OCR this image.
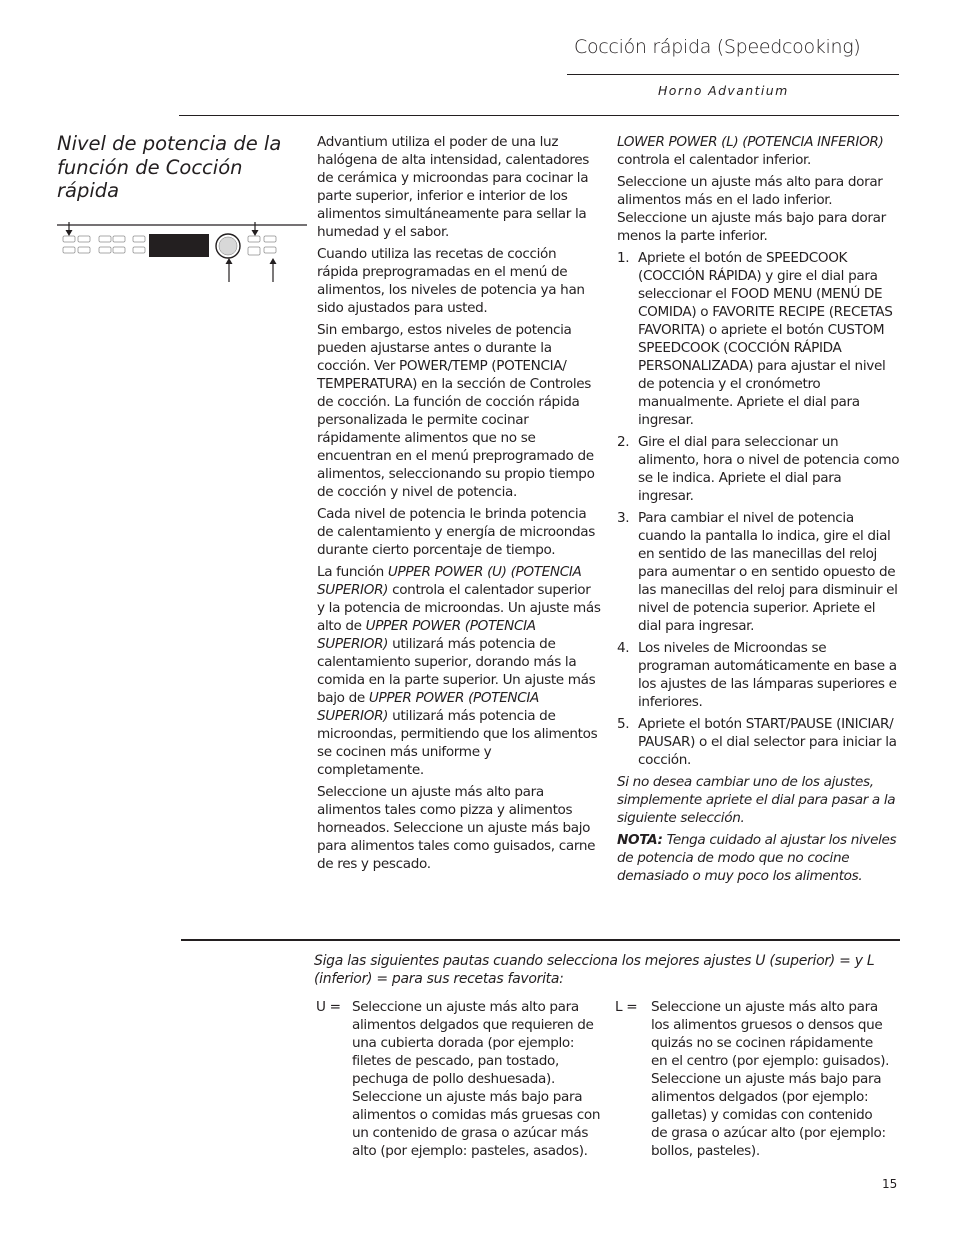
Cocción rápida (Speedcooking)
Horno Advantium
Nivel de potencia de la función de Cocción rápida

Advantium utiliza el poder de una luz halógena de alta intensidad, calentadores de cerámica y microondas para cocinar la parte superior, inferior e interior de los alimentos simultáneamente para sellar la humedad y el sabor.

Cuando utiliza las recetas de cocción rápida preprogramadas en el menú de alimentos, los niveles de potencia ya han sido ajustados para usted.

Sin embargo, estos niveles de potencia pueden ajustarse antes o durante la cocción. Ver POWER/TEMP (POTENCIA/ TEMPERATURA) en la sección de Controles de cocción. La función de cocción rápida personalizada le permite cocinar rápidamente alimentos que no se encuentran en el menú preprogramado de alimentos, seleccionando su propio tiempo de cocción y nivel de potencia.

Cada nivel de potencia le brinda potencia de calentamiento y energía de microondas durante cierto porcentaje de tiempo.

La función UPPER POWER (U) (POTENCIA SUPERIOR) controla el calentador superior y la potencia de microondas. Un ajuste más alto de UPPER POWER (POTENCIA SUPERIOR) utilizará más potencia de calentamiento superior, dorando más la comida en la parte superior. Un ajuste más bajo de UPPER POWER (POTENCIA SUPERIOR) utilizará más potencia de microondas, permitiendo que los alimentos se cocinen más uniforme y completamente.

Seleccione un ajuste más alto para alimentos tales como pizza y alimentos horneados. Seleccione un ajuste más bajo para alimentos tales como guisados, carne de res y pescado.

LOWER POWER (L) (POTENCIA INFERIOR) controla el calentador inferior.

Seleccione un ajuste más alto para dorar alimentos más en el lado inferior. Seleccione un ajuste más bajo para dorar menos la parte inferior.

1. Apriete el botón de SPEEDCOOK (COCCIÓN RÁPIDA) y gire el dial para seleccionar el FOOD MENU (MENÚ DE COMIDA) o FAVORITE RECIPE (RECETAS FAVORITA) o apriete el botón CUSTOM SPEEDCOOK (COCCIÓN RÁPIDA PERSONALIZADA) para ajustar el nivel de potencia y el cronómetro manualmente. Apriete el dial para ingresar.
2. Gire el dial para seleccionar un alimento, hora o nivel de potencia como se le indica. Apriete el dial para ingresar.
3. Para cambiar el nivel de potencia cuando la pantalla lo indica, gire el dial en sentido de las manecillas del reloj para aumentar o en sentido opuesto de las manecillas del reloj para disminuir el nivel de potencia superior. Apriete el dial para ingresar.
4. Los niveles de Microondas se programan automáticamente en base a los ajustes de las lámparas superiores e inferiores.
5. Apriete el botón START/PAUSE (INICIAR/ PAUSAR) o el dial selector para iniciar la cocción.

Si no desea cambiar uno de los ajustes, simplemente apriete el dial para pasar a la siguiente selección.

NOTA: Tenga cuidado al ajustar los niveles de potencia de modo que no cocine demasiado o muy poco los alimentos.

Siga las siguientes pautas cuando selecciona los mejores ajustes U (superior) = y L (inferior) = para sus recetas favorita:
U = Seleccione un ajuste más alto para alimentos delgados que requieren de una cubierta dorada (por ejemplo: filetes de pescado, pan tostado, pechuga de pollo deshuesada). Seleccione un ajuste más bajo para alimentos o comidas más gruesas con un contenido de grasa o azúcar más alto (por ejemplo: pasteles, asados).
L = Seleccione un ajuste más alto para los alimentos gruesos o densos que quizás no se cocinen rápidamente en el centro (por ejemplo: guisados). Seleccione un ajuste más bajo para alimentos delgados (por ejemplo: galletas) y comidas con contenido de grasa o azúcar alto (por ejemplo: bollos, pasteles).
15
